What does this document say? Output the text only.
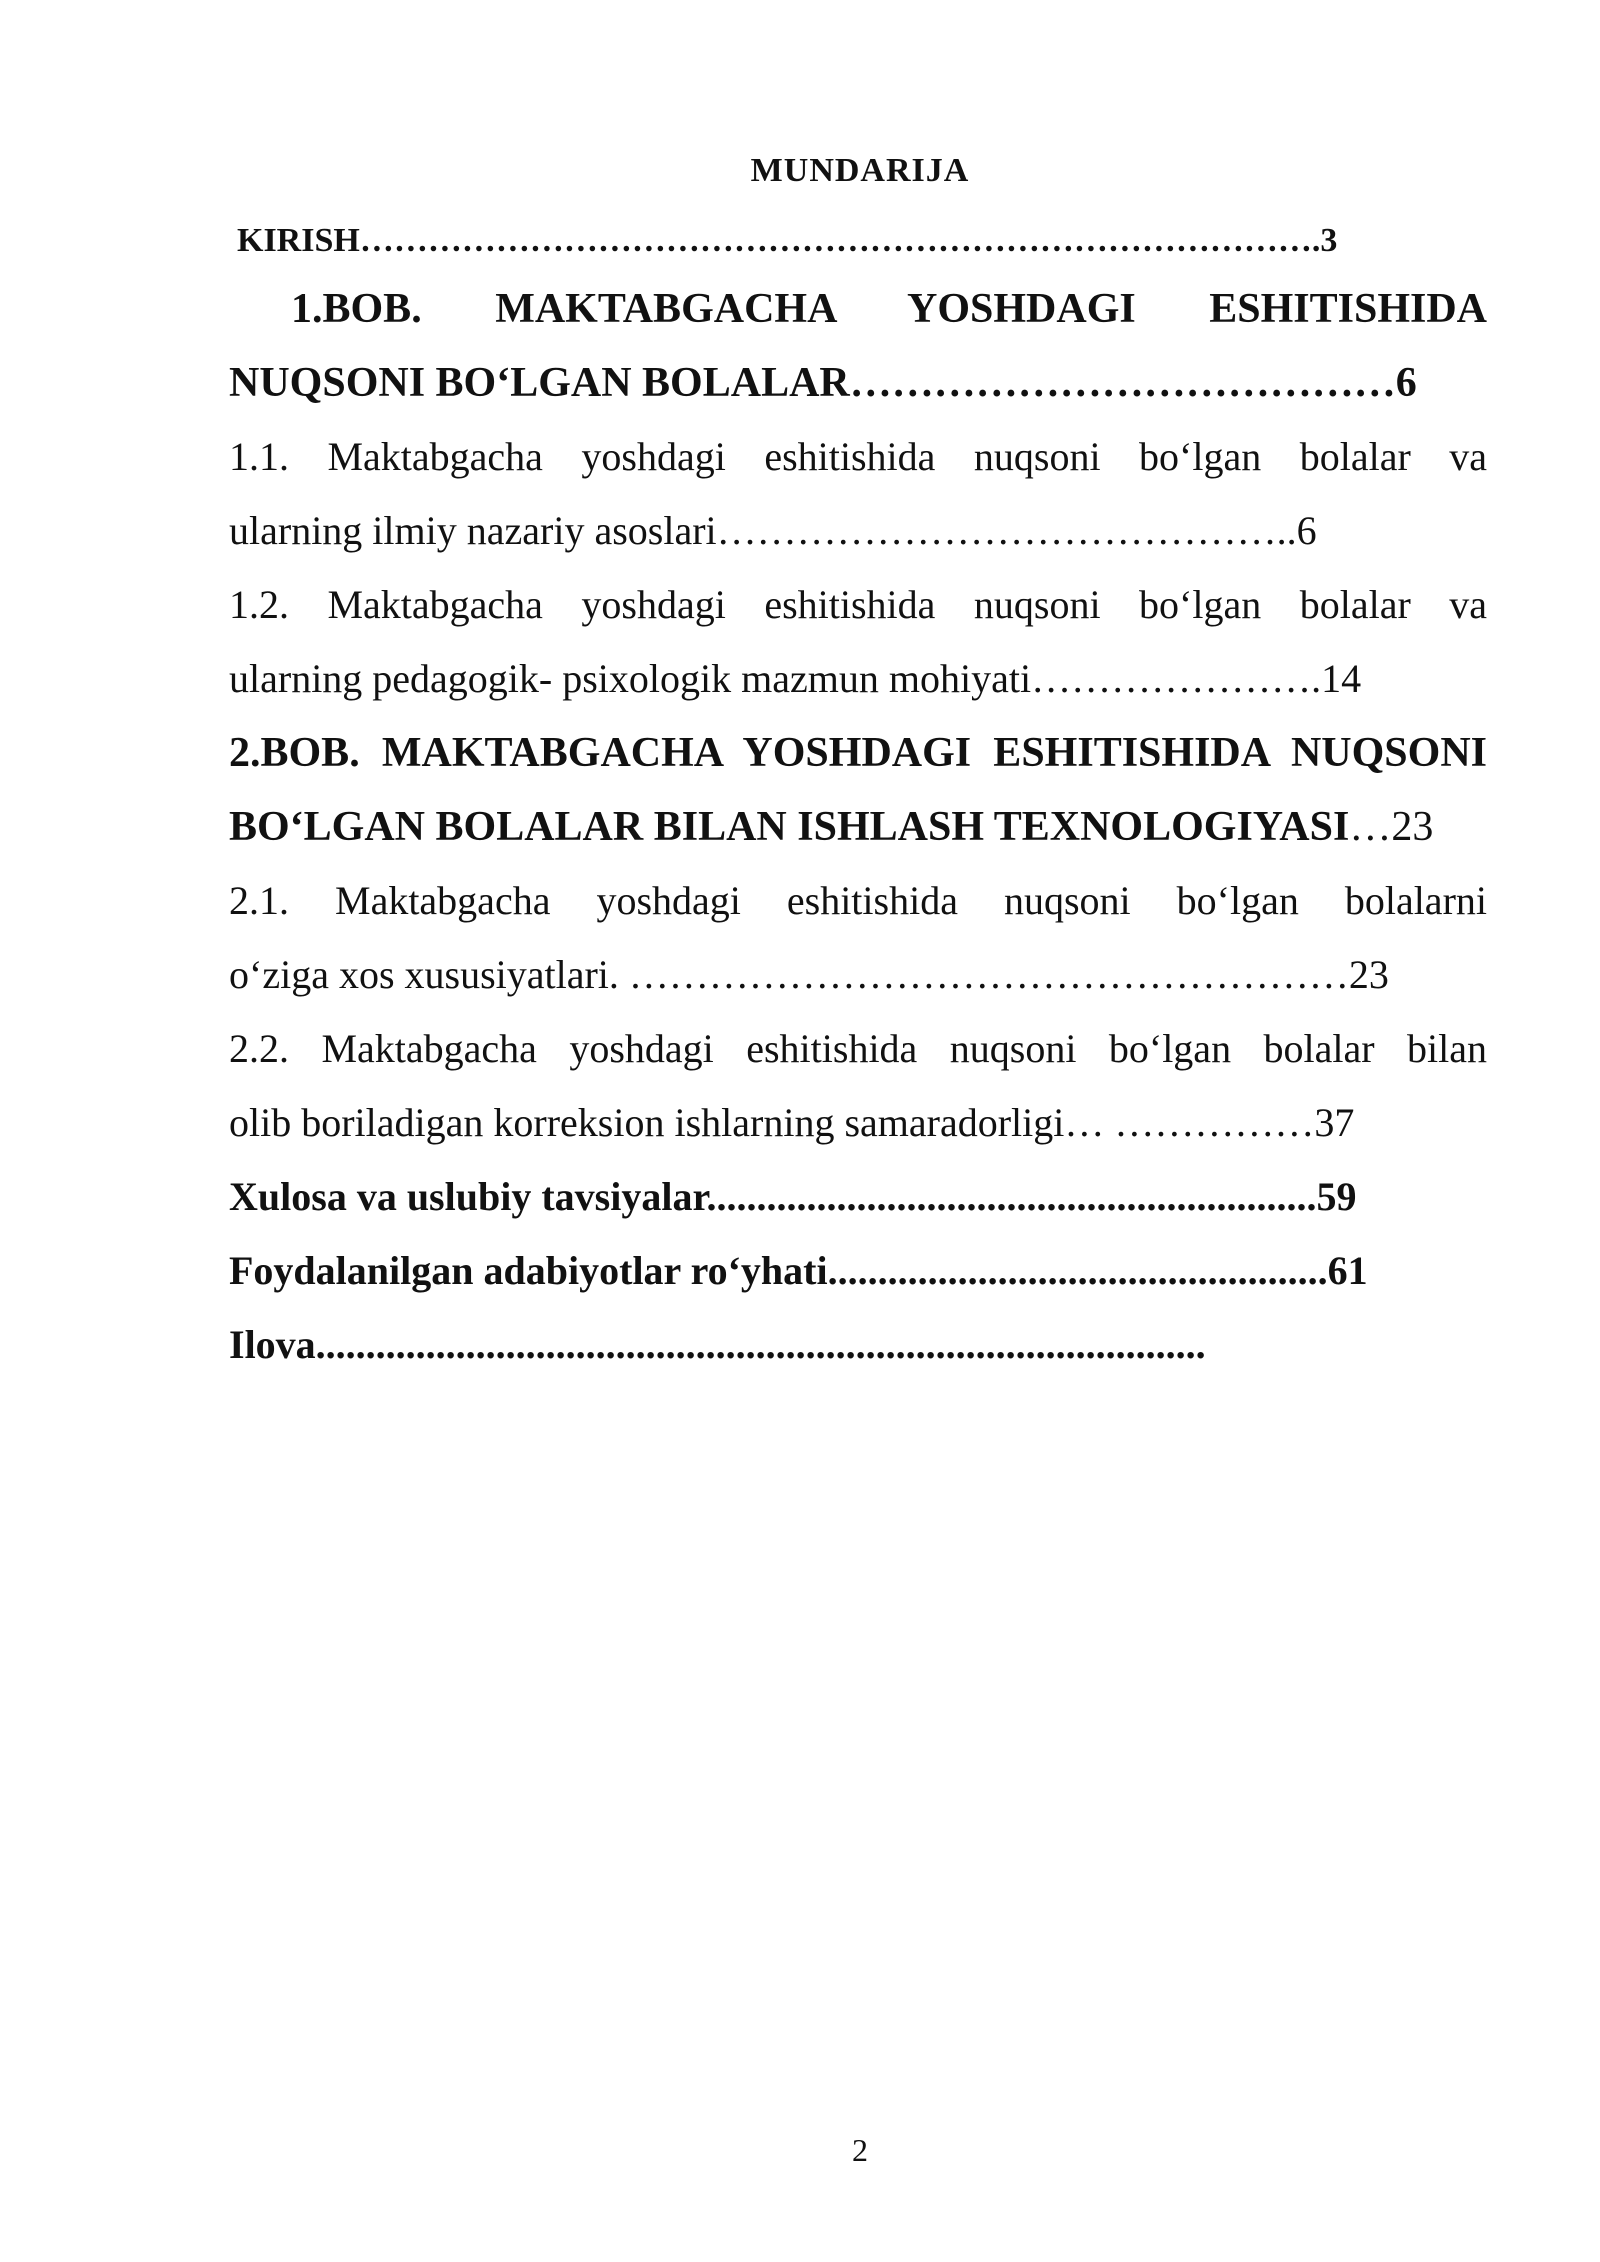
MUNDARIJA
KIRISH………………………………………………………………………….3
1.BOB. MAKTABGACHA YOSHDAGI ESHITISHIDA
NUQSONI BO‘LGAN BOLALAR…………………………………6
1.1. Maktabgacha yoshdagi eshitishida nuqsoni bo‘lgan bolalar va
ularning ilmiy nazariy asoslari……………………………………..6
1.2. Maktabgacha yoshdagi eshitishida nuqsoni bo‘lgan bolalar va
ularning pedagogik- psixologik mazmun mohiyati………………….14
2.BOB. MAKTABGACHA YOSHDAGI ESHITISHIDA NUQSONI
BO‘LGAN BOLALAR BILAN ISHLASH TEXNOLOGIYASI…23
2.1. Maktabgacha yoshdagi eshitishida nuqsoni bo‘lgan bolalarni
o‘ziga xos xususiyatlari. ………………………………………………23
2.2. Maktabgacha yoshdagi eshitishida nuqsoni bo‘lgan bolalar bilan
olib boriladigan korreksion ishlarning samaradorligi… ……………37
Xulosa va uslubiy tavsiyalar.............................................................59
Foydalanilgan adabiyotlar ro‘yhati..................................................61
Ilova.........................................................................................
2
